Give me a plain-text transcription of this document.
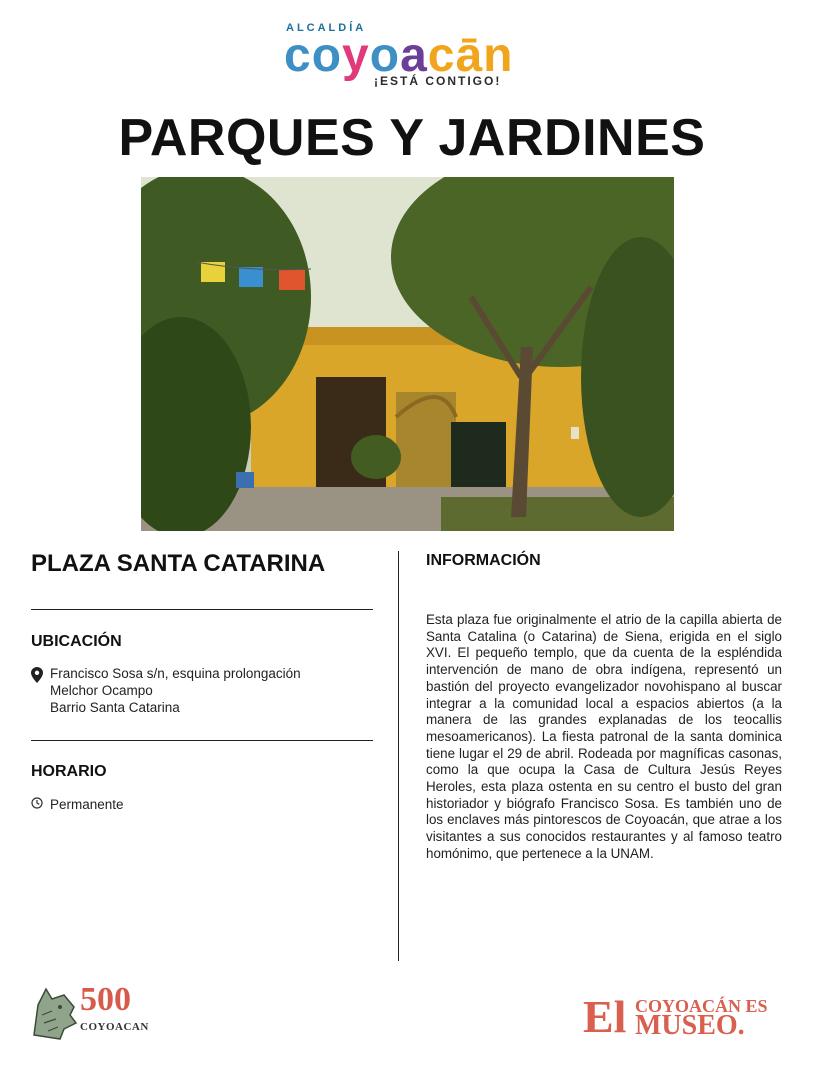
ALCALDÍA
coyoacān
¡ESTÁ CONTIGO!
PARQUES Y JARDINES
PLAZA SANTA CATARINA
UBICACIÓN
Francisco Sosa s/n, esquina prolongación
Melchor Ocampo
Barrio Santa Catarina
HORARIO
Permanente
INFORMACIÓN
Esta plaza fue originalmente el atrio de la capilla abierta de Santa Catalina (o Catarina) de Siena, erigida en el siglo XVI. El pequeño templo, que da cuenta de la espléndida intervención de mano de obra indígena, representó un bastión del proyecto evangelizador novohispano al buscar integrar a la comunidad local a espacios abiertos (a la manera de las grandes explanadas de los teocallis mesoamericanos). La fiesta patronal de la santa dominica tiene lugar el 29 de abril. Rodeada por magníficas casonas, como la que ocupa la Casa de Cultura Jesús Reyes Heroles, esta plaza ostenta en su centro el busto del gran historiador y biógrafo Francisco Sosa. Es también uno de los enclaves más pintorescos de Coyoacán, que atrae a los visitantes a sus conocidos restaurantes y al famoso teatro homónimo, que pertenece a la UNAM.
500
COYOACAN	El COYOACÁN ES
MUSEO.
